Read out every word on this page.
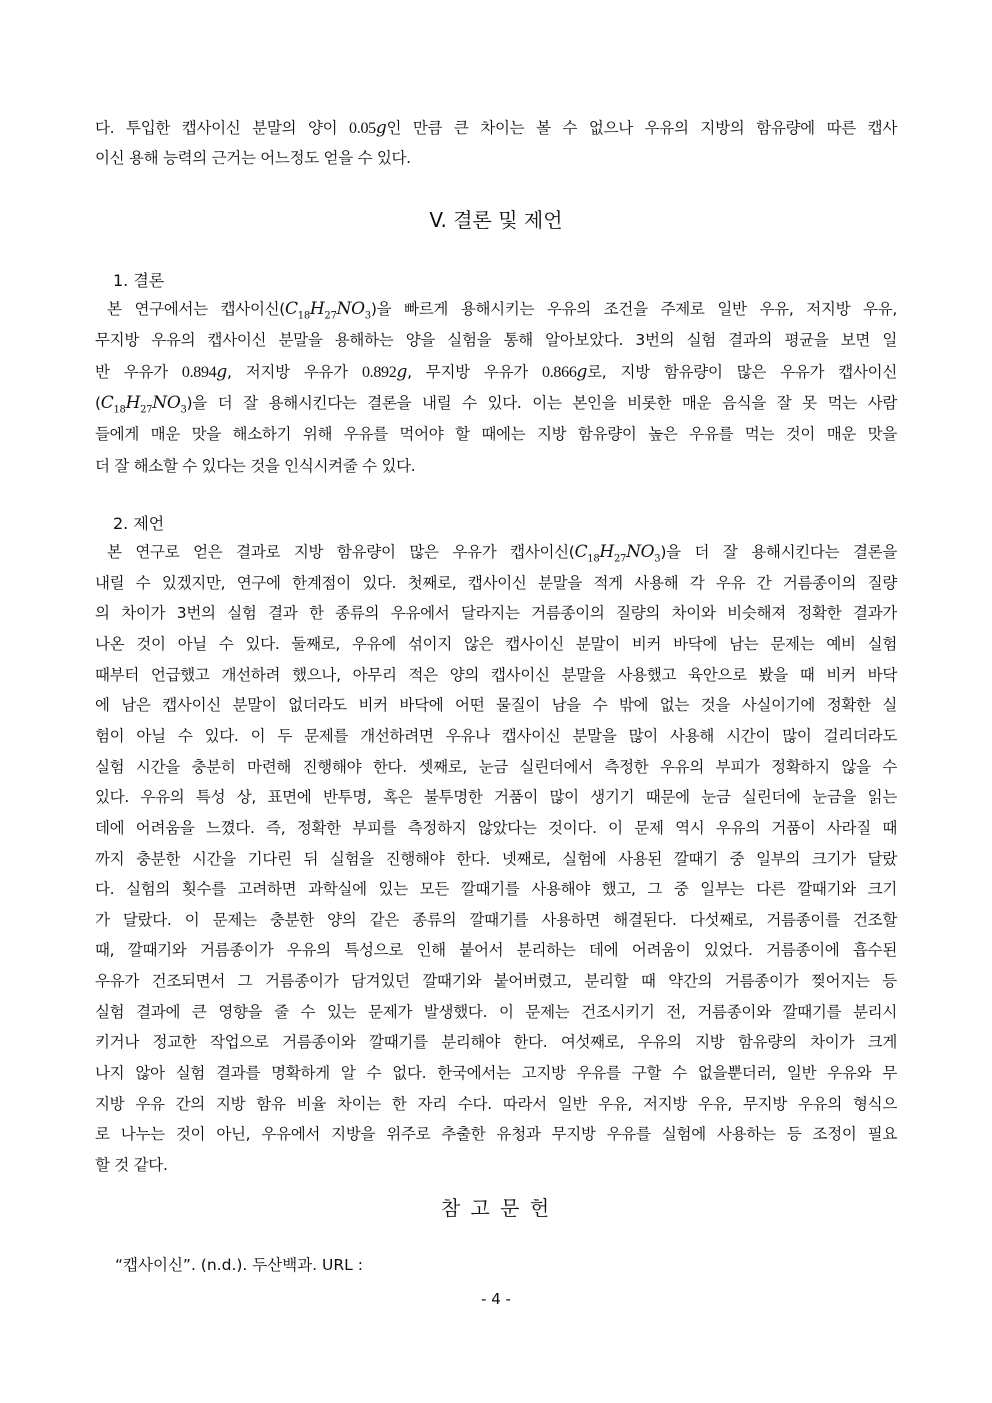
다. 투입한 캡사이신 분말의 양이 0.05g인 만큼 큰 차이는 볼 수 없으나 우유의 지방의 함유량에 따른 캡사
이신 용해 능력의 근거는 어느정도 얻을 수 있다.
V. 결론 및 제언
1. 결론
본 연구에서는 캡사이신$(C_{18}H_{27}NO_3)$을 빠르게 용해시키는 우유의 조건을 주제로 일반 우유, 저지방 우유,
무지방 우유의 캡사이신 분말을 용해하는 양을 실험을 통해 알아보았다. 3번의 실험 결과의 평균을 보면 일
반 우유가 0.894g, 저지방 우유가 0.892g, 무지방 우유가 0.866g로, 지방 함유량이 많은 우유가 캡사이신
$(C_{18}H_{27}NO_3)$을 더 잘 용해시킨다는 결론을 내릴 수 있다. 이는 본인을 비롯한 매운 음식을 잘 못 먹는 사람
들에게 매운 맛을 해소하기 위해 우유를 먹어야 할 때에는 지방 함유량이 높은 우유를 먹는 것이 매운 맛을
더 잘 해소할 수 있다는 것을 인식시켜줄 수 있다.
2. 제언
본 연구로 얻은 결과로 지방 함유량이 많은 우유가 캡사이신$(C_{18}H_{27}NO_3)$을 더 잘 용해시킨다는 결론을
내릴 수 있겠지만, 연구에 한계점이 있다. 첫째로, 캡사이신 분말을 적게 사용해 각 우유 간 거름종이의 질량
의 차이가 3번의 실험 결과 한 종류의 우유에서 달라지는 거름종이의 질량의 차이와 비슷해져 정확한 결과가
나온 것이 아닐 수 있다. 둘째로, 우유에 섞이지 않은 캡사이신 분말이 비커 바닥에 남는 문제는 예비 실험
때부터 언급했고 개선하려 했으나, 아무리 적은 양의 캡사이신 분말을 사용했고 육안으로 봤을 때 비커 바닥
에 남은 캡사이신 분말이 없더라도 비커 바닥에 어떤 물질이 남을 수 밖에 없는 것을 사실이기에 정확한 실
험이 아닐 수 있다. 이 두 문제를 개선하려면 우유나 캡사이신 분말을 많이 사용해 시간이 많이 걸리더라도
실험 시간을 충분히 마련해 진행해야 한다. 셋째로, 눈금 실린더에서 측정한 우유의 부피가 정확하지 않을 수
있다. 우유의 특성 상, 표면에 반투명, 혹은 불투명한 거품이 많이 생기기 때문에 눈금 실린더에 눈금을 읽는
데에 어려움을 느꼈다. 즉, 정확한 부피를 측정하지 않았다는 것이다. 이 문제 역시 우유의 거품이 사라질 때
까지 충분한 시간을 기다린 뒤 실험을 진행해야 한다. 넷째로, 실험에 사용된 깔때기 중 일부의 크기가 달랐
다. 실험의 횟수를 고려하면 과학실에 있는 모든 깔때기를 사용해야 했고, 그 중 일부는 다른 깔때기와 크기
가 달랐다. 이 문제는 충분한 양의 같은 종류의 깔때기를 사용하면 해결된다. 다섯째로, 거름종이를 건조할
때, 깔때기와 거름종이가 우유의 특성으로 인해 붙어서 분리하는 데에 어려움이 있었다. 거름종이에 흡수된
우유가 건조되면서 그 거름종이가 담겨있던 깔때기와 붙어버렸고, 분리할 때 약간의 거름종이가 찢어지는 등
실험 결과에 큰 영향을 줄 수 있는 문제가 발생했다. 이 문제는 건조시키기 전, 거름종이와 깔때기를 분리시
키거나 정교한 작업으로 거름종이와 깔때기를 분리해야 한다. 여섯째로, 우유의 지방 함유량의 차이가 크게
나지 않아 실험 결과를 명확하게 알 수 없다. 한국에서는 고지방 우유를 구할 수 없을뿐더러, 일반 우유와 무
지방 우유 간의 지방 함유 비율 차이는 한 자리 수다. 따라서 일반 우유, 저지방 우유, 무지방 우유의 형식으
로 나누는 것이 아닌, 우유에서 지방을 위주로 추출한 유청과 무지방 우유를 실험에 사용하는 등 조정이 필요
할 것 같다.
참 고 문 헌
“캡사이신”. (n.d.). 두산백과. URL :
- 4 -
